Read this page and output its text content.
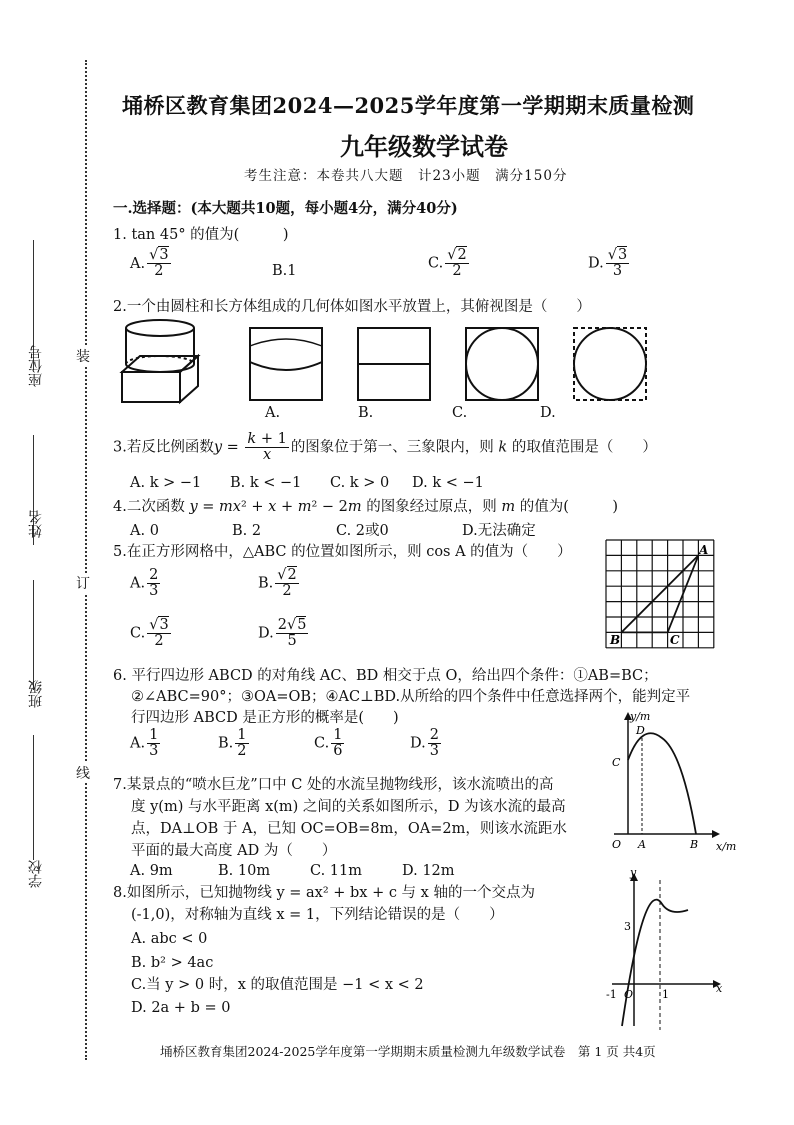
装
订
线
座位号
姓名
班级
学校
埇桥区教育集团2024—2025学年度第一学期期末质量检测
九年级数学试卷
考生注意：本卷共八大题　计23小题　满分150分
一.选择题：(本大题共10题，每小题4分，满分40分)
1. tan 45° 的值为(　　　)
A. $\frac{√3}{2}$	B.1	C. $\frac{√2}{2}$	D. $\frac{√3}{3}$
2.一个由圆柱和长方体组成的几何体如图水平放置上，其俯视图是（　　）
A.	B.	C.	D.
3.若反比例函数$y = \frac{k + 1}{x}$ 的图象位于第一、三象限内，则 k 的取值范围是（　　）
A. k > −1 B. k < −1 C. k > 0 D. k < −1
4.二次函数 y = mx² + x + m² − 2m 的图象经过原点，则 m 的值为(　　　)
A. 0	B. 2	C. 2或0	D.无法确定
5.在正方形网格中，△ABC 的位置如图所示，则 cos A 的值为（　　）
A. $\frac{2}{3}$	B. $\frac{√2}{2}$
C. $\frac{√3}{2}$	D. $\frac{2√5}{5}$
A
B	C
6. 平行四边形 ABCD 的对角线 AC、BD 相交于点 O，给出四个条件：①AB=BC；
②∠ABC=90°；③OA=OB；④AC⊥BD.从所给的四个条件中任意选择两个，能判定平
行四边形 ABCD 是正方形的概率是(　　)
A. $\frac{1}{3}$	B. $\frac{1}{2}$	C. $\frac{1}{6}$	D. $\frac{2}{3}$
7.某景点的“喷水巨龙”口中 C 处的水流呈抛物线形，该水流喷出的高
度 y(m) 与水平距离 x(m) 之间的关系如图所示，D 为该水流的最高
点，DA⊥OB 于 A，已知 OC=OB=8m，OA=2m，则该水流距水
平面的最大高度 AD 为（　　）
A. 9m	B. 10m	C. 11m	D. 12m
y/m
x/m
O A	B
C
D
8.如图所示，已知抛物线 y = ax² + bx + c 与 x 轴的一个交点为
(-1,0)，对称轴为直线 x = 1，下列结论错误的是（　　）
A. abc < 0
B. b² > 4ac
C.当 y > 0 时，x 的取值范围是 −1 < x < 2
D. 2a + b = 0
y
x
3
-1 O	1
埇桥区教育集团2024-2025学年度第一学期期末质量检测九年级数学试卷　第 1 页 共4页
